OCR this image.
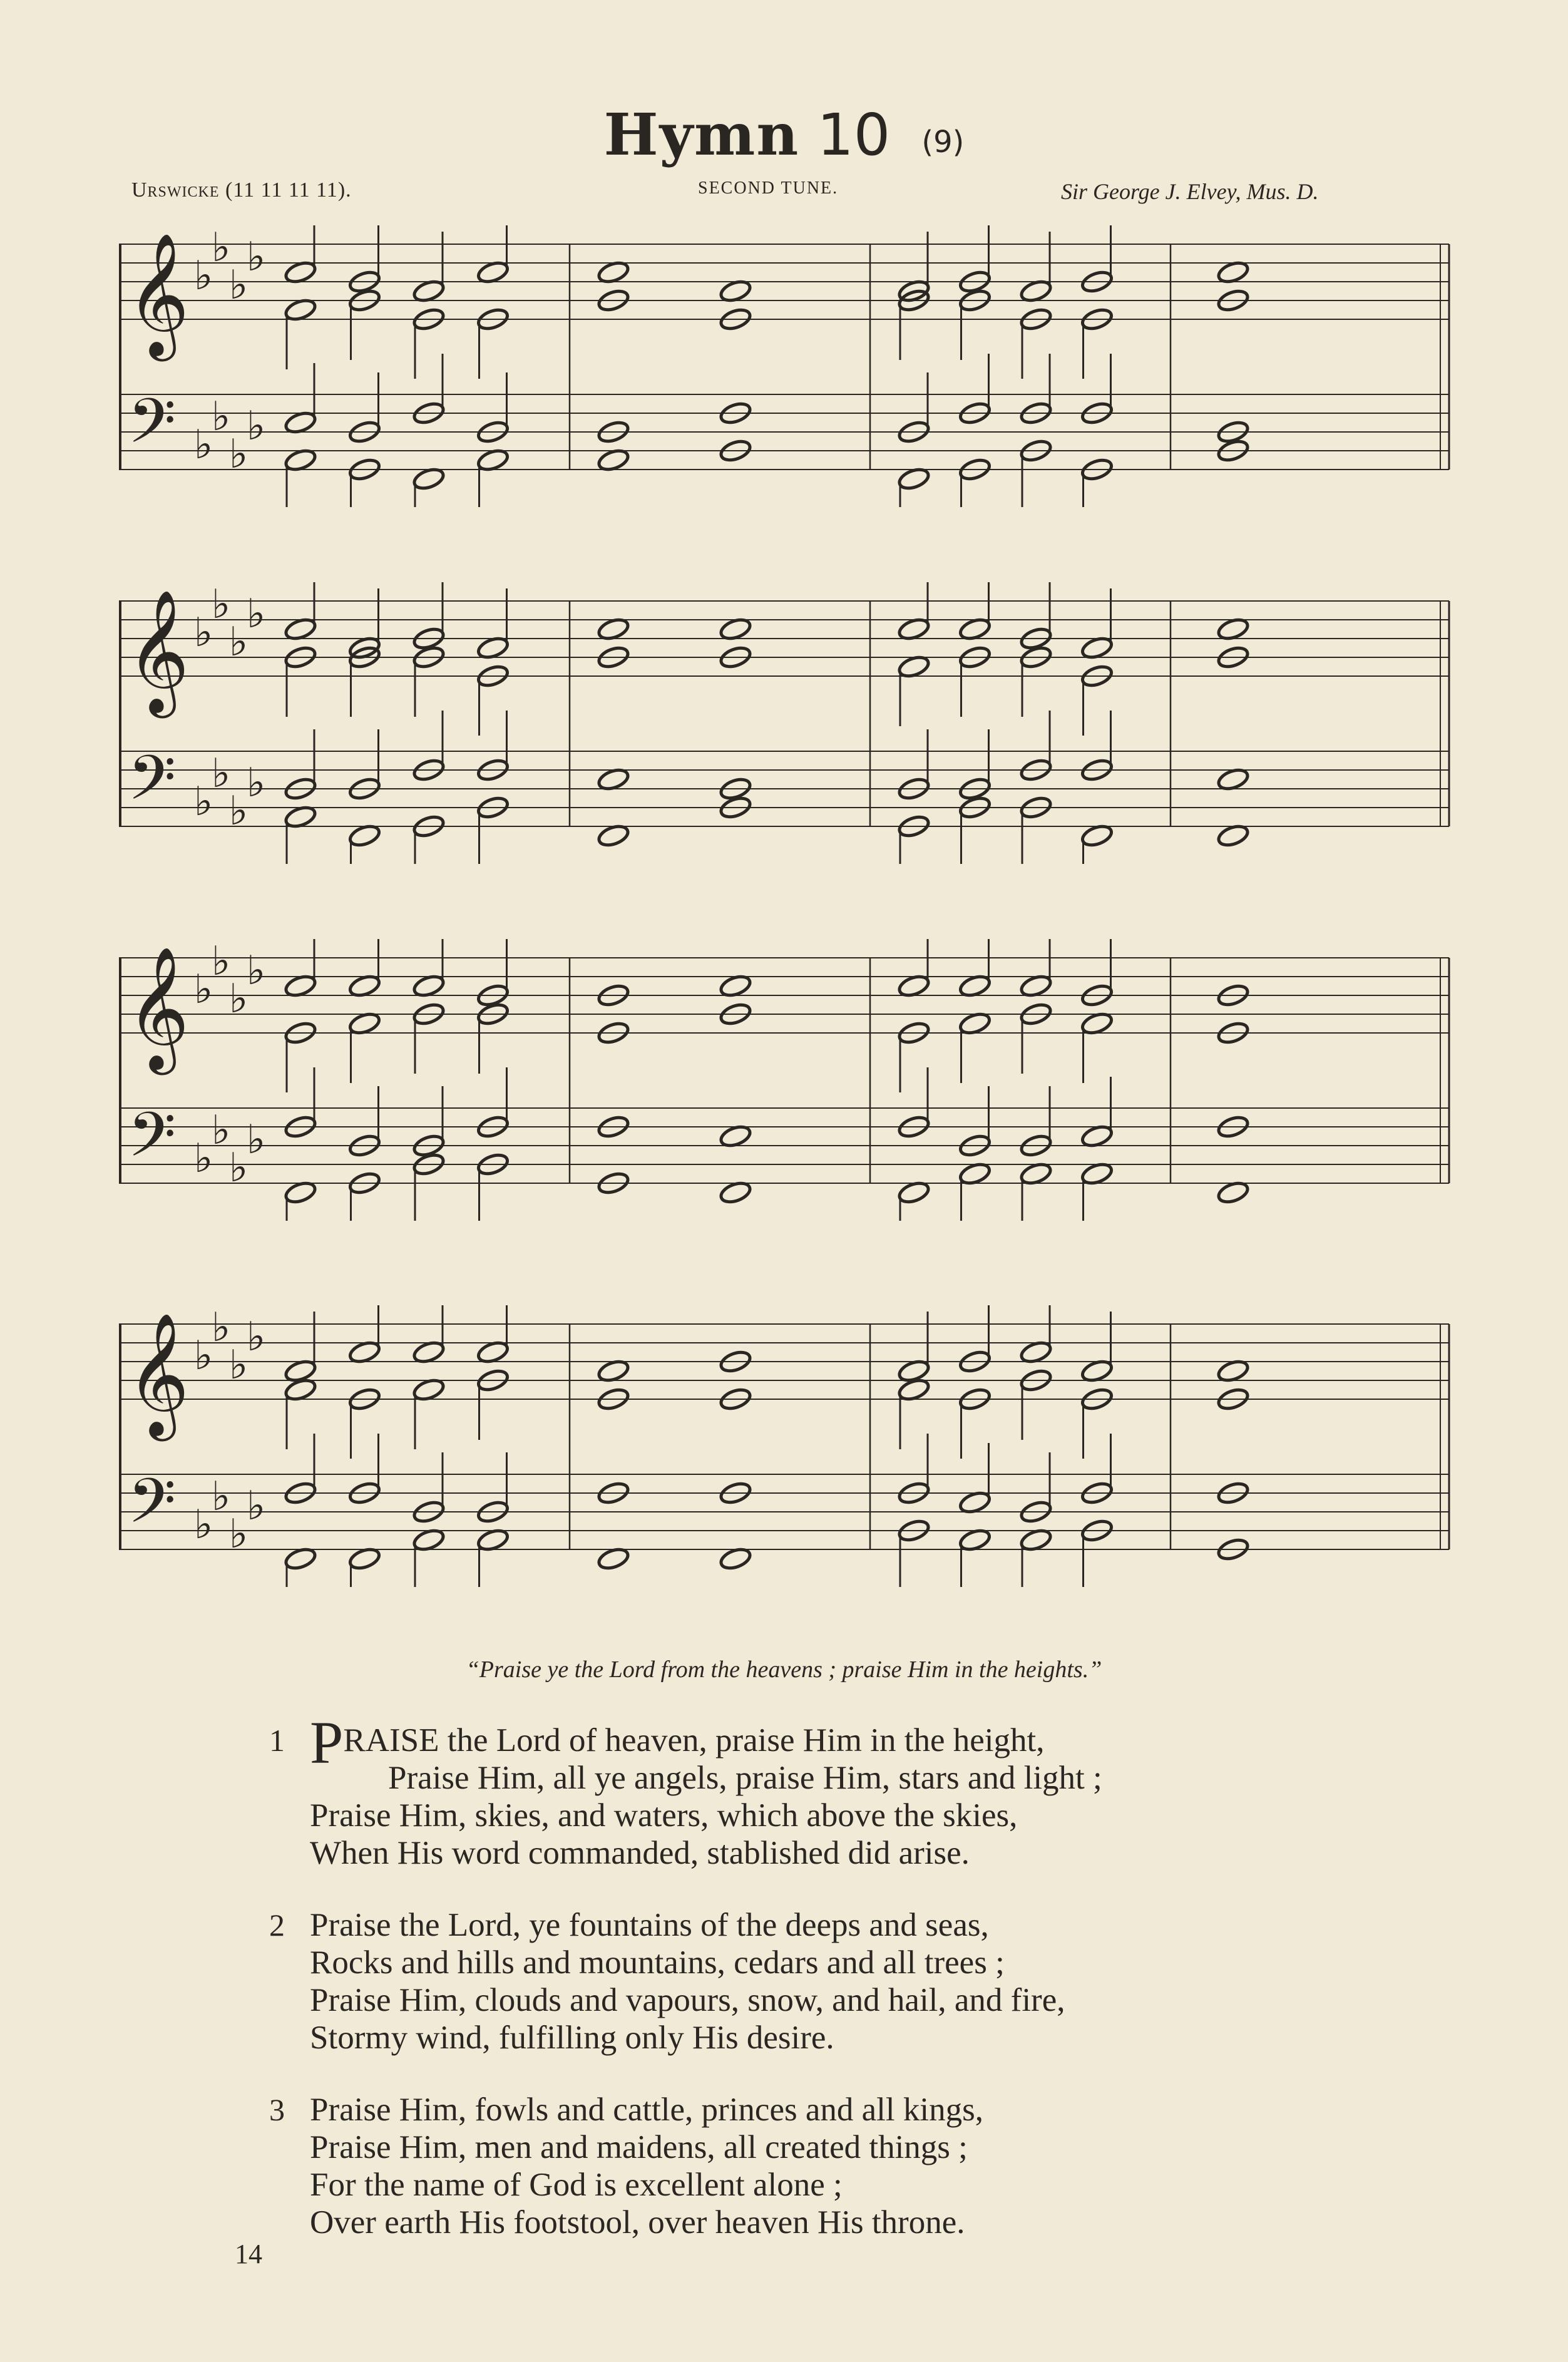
Hymn 10 (9)
Urswicke (11 11 11 11).	SECOND TUNE.	Sir George J. Elvey, Mus. D.
𝄞
𝄢
♭
♭
♭
♭
♭
♭
♭
♭
𝄞
𝄢
♭
♭
♭
♭
♭
♭
♭
♭
𝄞
𝄢
♭
♭
♭
♭
♭
♭
♭
♭
𝄞
𝄢
♭
♭
♭
♭
♭
♭
♭
♭
“Praise ye the Lord from the heavens ; praise Him in the heights.”
1 PRAISE the Lord of heaven, praise Him in the height,
Praise Him, all ye angels, praise Him, stars and light ;
Praise Him, skies, and waters, which above the skies,
When His word commanded, stablished did arise.
2 Praise the Lord, ye fountains of the deeps and seas,
Rocks and hills and mountains, cedars and all trees ;
Praise Him, clouds and vapours, snow, and hail, and fire,
Stormy wind, fulfilling only His desire.
3 Praise Him, fowls and cattle, princes and all kings,
Praise Him, men and maidens, all created things ;
For the name of God is excellent alone ;
Over earth His footstool, over heaven His throne.
14
